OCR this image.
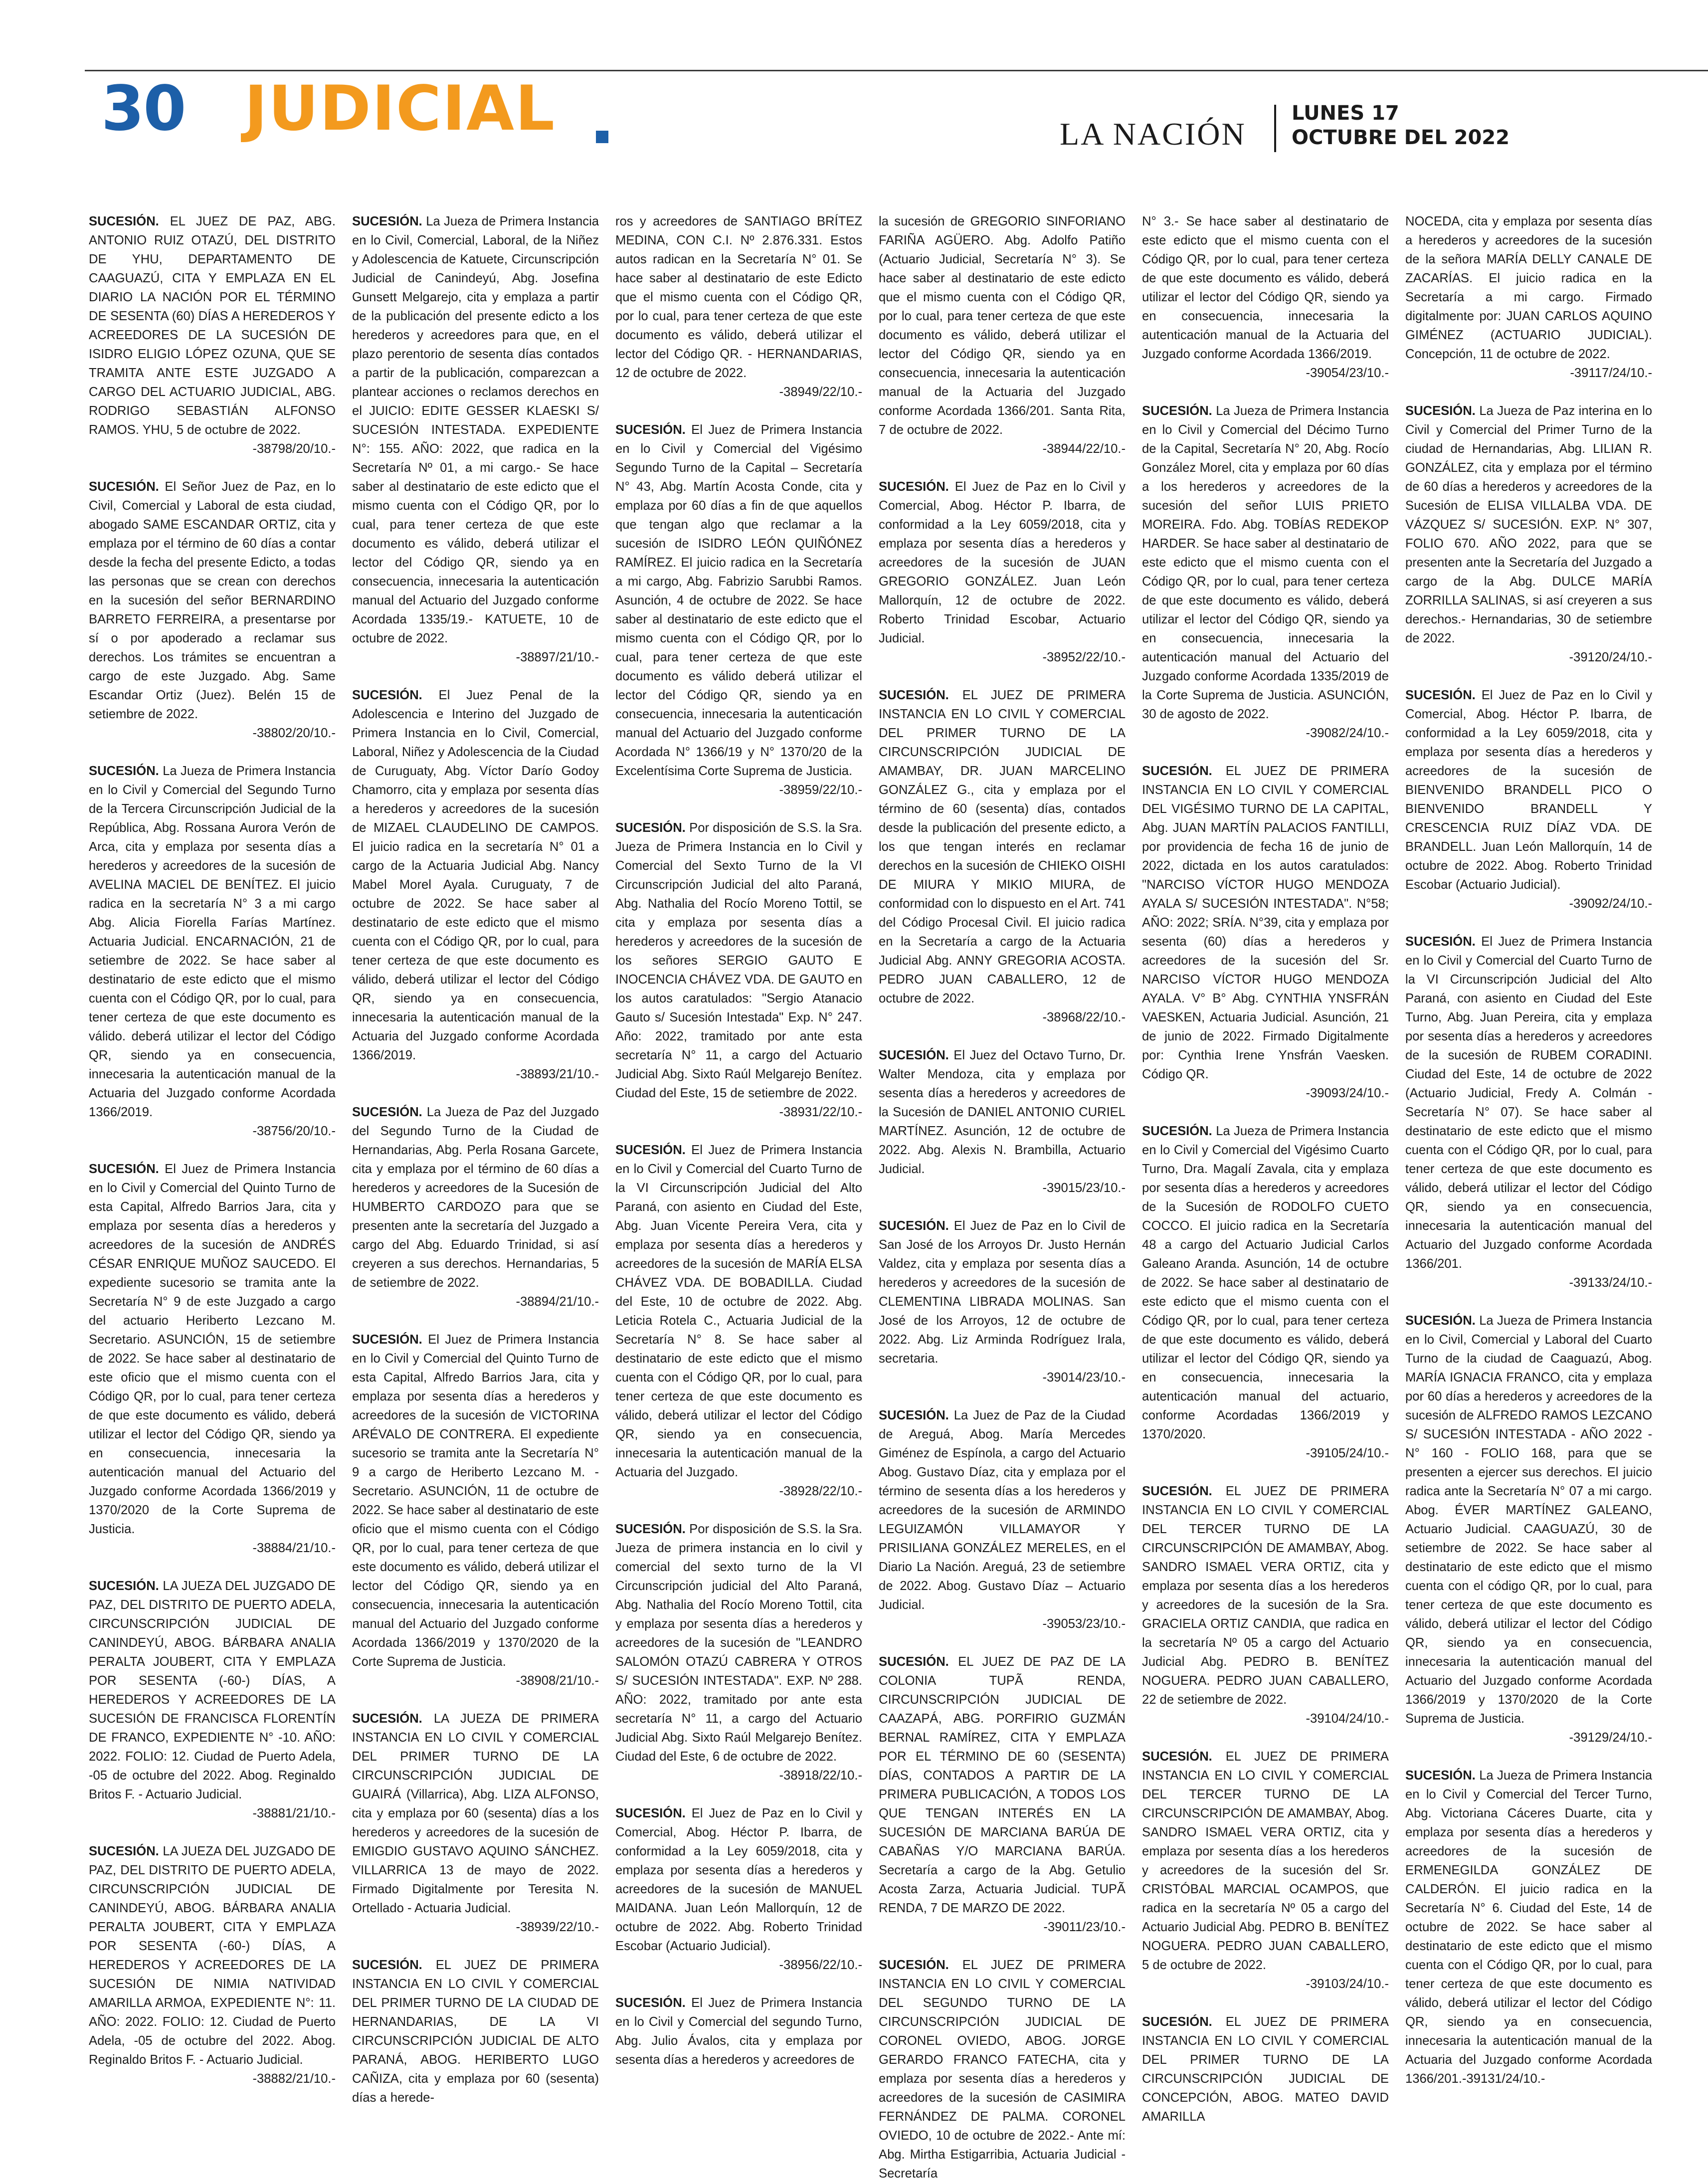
30 JUDICIAL	LA NACIÓN
LUNES 17
OCTUBRE DEL 2022
SUCESIÓN. EL JUEZ DE PAZ, ABG. ANTONIO RUIZ OTAZÚ, DEL DISTRITO DE YHU, DEPARTAMENTO DE CAAGUAZÚ, CITA Y EMPLAZA EN EL DIARIO LA NACIÓN POR EL TÉRMINO DE SESENTA (60) DÍAS A HEREDEROS Y ACREEDORES DE LA SUCESIÓN DE ISIDRO ELIGIO LÓPEZ OZUNA, QUE SE TRAMITA ANTE ESTE JUZGADO A CARGO DEL ACTUARIO JUDICIAL, ABG. RODRIGO SEBASTIÁN ALFONSO RAMOS. YHU, 5 de octubre de 2022.
-38798/20/10.-
SUCESIÓN. El Señor Juez de Paz, en lo Civil, Comercial y Laboral de esta ciudad, abogado SAME ESCANDAR ORTIZ, cita y emplaza por el término de 60 días a contar desde la fecha del presente Edicto, a todas las personas que se crean con derechos en la sucesión del señor BERNARDINO BARRETO FERREIRA, a presentarse por sí o por apoderado a reclamar sus derechos. Los trámites se encuentran a cargo de este Juzgado. Abg. Same Escandar Ortiz (Juez). Belén 15 de setiembre de 2022.
-38802/20/10.-
SUCESIÓN. La Jueza de Primera Instancia en lo Civil y Comercial del Segundo Turno de la Tercera Circunscripción Judicial de la República, Abg. Rossana Aurora Verón de Arca, cita y emplaza por sesenta días a herederos y acreedores de la sucesión de AVELINA MACIEL DE BENÍTEZ. El juicio radica en la secretaría N° 3 a mi cargo Abg. Alicia Fiorella Farías Martínez. Actuaria Judicial. ENCARNACIÓN, 21 de setiembre de 2022. Se hace saber al destinatario de este edicto que el mismo cuenta con el Código QR, por lo cual, para tener certeza de que este documento es válido. deberá utilizar el lector del Código QR, siendo ya en consecuencia, innecesaria la autenticación manual de la Actuaria del Juzgado conforme Acordada 1366/2019.
-38756/20/10.-
SUCESIÓN. El Juez de Primera Instancia en lo Civil y Comercial del Quinto Turno de esta Capital, Alfredo Barrios Jara, cita y emplaza por sesenta días a herederos y acreedores de la sucesión de ANDRÉS CÉSAR ENRIQUE MUÑOZ SAUCEDO. El expediente sucesorio se tramita ante la Secretaría N° 9 de este Juzgado a cargo del actuario Heriberto Lezcano M. Secretario. ASUNCIÓN, 15 de setiembre de 2022. Se hace saber al destinatario de este oficio que el mismo cuenta con el Código QR, por lo cual, para tener certeza de que este documento es válido, deberá utilizar el lector del Código QR, siendo ya en consecuencia, innecesaria la autenticación manual del Actuario del Juzgado conforme Acordada 1366/2019 y 1370/2020 de la Corte Suprema de Justicia.
-38884/21/10.-
SUCESIÓN. LA JUEZA DEL JUZGADO DE PAZ, DEL DISTRITO DE PUERTO ADELA, CIRCUNSCRIPCIÓN JUDICIAL DE CANINDEYÚ, ABOG. BÁRBARA ANALIA PERALTA JOUBERT, CITA Y EMPLAZA POR SESENTA (-60-) DÍAS, A HEREDEROS Y ACREEDORES DE LA SUCESIÓN DE FRANCISCA FLORENTÍN DE FRANCO, EXPEDIENTE N° -10. AÑO: 2022. FOLIO: 12. Ciudad de Puerto Adela, -05 de octubre del 2022. Abog. Reginaldo Britos F. - Actuario Judicial.
-38881/21/10.-
SUCESIÓN. LA JUEZA DEL JUZGADO DE PAZ, DEL DISTRITO DE PUERTO ADELA, CIRCUNSCRIPCIÓN JUDICIAL DE CANINDEYÚ, ABOG. BÁRBARA ANALIA PERALTA JOUBERT, CITA Y EMPLAZA POR SESENTA (-60-) DÍAS, A HEREDEROS Y ACREEDORES DE LA SUCESIÓN DE NIMIA NATIVIDAD AMARILLA ARMOA, EXPEDIENTE N°: 11. AÑO: 2022. FOLIO: 12. Ciudad de Puerto Adela, -05 de octubre del 2022. Abog. Reginaldo Britos F. - Actuario Judicial.
-38882/21/10.-
SUCESIÓN. La Jueza de Primera Instancia en lo Civil, Comercial, Laboral, de la Niñez y Adolescencia de Katuete, Circunscripción Judicial de Canindeyú, Abg. Josefina Gunsett Melgarejo, cita y emplaza a partir de la publicación del presente edicto a los herederos y acreedores para que, en el plazo perentorio de sesenta días contados a partir de la publicación, comparezcan a plantear acciones o reclamos derechos en el JUICIO: EDITE GESSER KLAESKI S/ SUCESIÓN INTESTADA. EXPEDIENTE N°: 155. AÑO: 2022, que radica en la Secretaría Nº 01, a mi cargo.- Se hace saber al destinatario de este edicto que el mismo cuenta con el Código QR, por lo cual, para tener certeza de que este documento es válido, deberá utilizar el lector del Código QR, siendo ya en consecuencia, innecesaria la autenticación manual del Actuario del Juzgado conforme Acordada 1335/19.- KATUETE, 10 de octubre de 2022.
-38897/21/10.-
SUCESIÓN. El Juez Penal de la Adolescencia e Interino del Juzgado de Primera Instancia en lo Civil, Comercial, Laboral, Niñez y Adolescencia de la Ciudad de Curuguaty, Abg. Víctor Darío Godoy Chamorro, cita y emplaza por sesenta días a herederos y acreedores de la sucesión de MIZAEL CLAUDELINO DE CAMPOS. El juicio radica en la secretaría N° 01 a cargo de la Actuaria Judicial Abg. Nancy Mabel Morel Ayala. Curuguaty, 7 de octubre de 2022. Se hace saber al destinatario de este edicto que el mismo cuenta con el Código QR, por lo cual, para tener certeza de que este documento es válido, deberá utilizar el lector del Código QR, siendo ya en consecuencia, innecesaria la autenticación manual de la Actuaria del Juzgado conforme Acordada 1366/2019.
-38893/21/10.-
SUCESIÓN. La Jueza de Paz del Juzgado del Segundo Turno de la Ciudad de Hernandarias, Abg. Perla Rosana Garcete, cita y emplaza por el término de 60 días a herederos y acreedores de la Sucesión de HUMBERTO CARDOZO para que se presenten ante la secretaría del Juzgado a cargo del Abg. Eduardo Trinidad, si así creyeren a sus derechos. Hernandarias, 5 de setiembre de 2022.
-38894/21/10.-
SUCESIÓN. El Juez de Primera Instancia en lo Civil y Comercial del Quinto Turno de esta Capital, Alfredo Barrios Jara, cita y emplaza por sesenta días a herederos y acreedores de la sucesión de VICTORINA ARÉVALO DE CONTRERA. El expediente sucesorio se tramita ante la Secretaría N° 9 a cargo de Heriberto Lezcano M. - Secretario. ASUNCIÓN, 11 de octubre de 2022. Se hace saber al destinatario de este oficio que el mismo cuenta con el Código QR, por lo cual, para tener certeza de que este documento es válido, deberá utilizar el lector del Código QR, siendo ya en consecuencia, innecesaria la autenticación manual del Actuario del Juzgado conforme Acordada 1366/2019 y 1370/2020 de la Corte Suprema de Justicia.
-38908/21/10.-
SUCESIÓN. LA JUEZA DE PRIMERA INSTANCIA EN LO CIVIL Y COMERCIAL DEL PRIMER TURNO DE LA CIRCUNSCRIPCIÓN JUDICIAL DE GUAIRÁ (Villarrica), Abg. LIZA ALFONSO, cita y emplaza por 60 (sesenta) días a los herederos y acreedores de la sucesión de EMIGDIO GUSTAVO AQUINO SÁNCHEZ. VILLARRICA 13 de mayo de 2022. Firmado Digitalmente por Teresita N. Ortellado - Actuaria Judicial.
-38939/22/10.-
SUCESIÓN. EL JUEZ DE PRIMERA INSTANCIA EN LO CIVIL Y COMERCIAL DEL PRIMER TURNO DE LA CIUDAD DE HERNANDARIAS, DE LA VI CIRCUNSCRIPCIÓN JUDICIAL DE ALTO PARANÁ, ABOG. HERIBERTO LUGO CAÑIZA, cita y emplaza por 60 (sesenta) días a herede-
ros y acreedores de SANTIAGO BRÍTEZ MEDINA, CON C.I. Nº 2.876.331. Estos autos radican en la Secretaría N° 01. Se hace saber al destinatario de este Edicto que el mismo cuenta con el Código QR, por lo cual, para tener certeza de que este documento es válido, deberá utilizar el lector del Código QR. - HERNANDARIAS, 12 de octubre de 2022.
-38949/22/10.-
SUCESIÓN. El Juez de Primera Instancia en lo Civil y Comercial del Vigésimo Segundo Turno de la Capital – Secretaría N° 43, Abg. Martín Acosta Conde, cita y emplaza por 60 días a fin de que aquellos que tengan algo que reclamar a la sucesión de ISIDRO LEÓN QUIÑÓNEZ RAMÍREZ. El juicio radica en la Secretaría a mi cargo, Abg. Fabrizio Sarubbi Ramos. Asunción, 4 de octubre de 2022. Se hace saber al destinatario de este edicto que el mismo cuenta con el Código QR, por lo cual, para tener certeza de que este documento es válido deberá utilizar el lector del Código QR, siendo ya en consecuencia, innecesaria la autenticación manual del Actuario del Juzgado conforme Acordada N° 1366/19 y N° 1370/20 de la Excelentísima Corte Suprema de Justicia.
-38959/22/10.-
SUCESIÓN. Por disposición de S.S. la Sra. Jueza de Primera Instancia en lo Civil y Comercial del Sexto Turno de la VI Circunscripción Judicial del alto Paraná, Abg. Nathalia del Rocío Moreno Tottil, se cita y emplaza por sesenta días a herederos y acreedores de la sucesión de los señores SERGIO GAUTO E INOCENCIA CHÁVEZ VDA. DE GAUTO en los autos caratulados: "Sergio Atanacio Gauto s/ Sucesión Intestada" Exp. N° 247. Año: 2022, tramitado por ante esta secretaría N° 11, a cargo del Actuario Judicial Abg. Sixto Raúl Melgarejo Benítez. Ciudad del Este, 15 de setiembre de 2022.
-38931/22/10.-
SUCESIÓN. El Juez de Primera Instancia en lo Civil y Comercial del Cuarto Turno de la VI Circunscripción Judicial del Alto Paraná, con asiento en Ciudad del Este, Abg. Juan Vicente Pereira Vera, cita y emplaza por sesenta días a herederos y acreedores de la sucesión de MARÍA ELSA CHÁVEZ VDA. DE BOBADILLA. Ciudad del Este, 10 de octubre de 2022. Abg. Leticia Rotela C., Actuaria Judicial de la Secretaría N° 8. Se hace saber al destinatario de este edicto que el mismo cuenta con el Código QR, por lo cual, para tener certeza de que este documento es válido, deberá utilizar el lector del Código QR, siendo ya en consecuencia, innecesaria la autenticación manual de la Actuaria del Juzgado.
-38928/22/10.-
SUCESIÓN. Por disposición de S.S. la Sra. Jueza de primera instancia en lo civil y comercial del sexto turno de la VI Circunscripción judicial del Alto Paraná, Abg. Nathalia del Rocío Moreno Tottil, cita y emplaza por sesenta días a herederos y acreedores de la sucesión de "LEANDRO SALOMÓN OTAZÚ CABRERA Y OTROS S/ SUCESIÓN INTESTADA". EXP. Nº 288. AÑO: 2022, tramitado por ante esta secretaría N° 11, a cargo del Actuario Judicial Abg. Sixto Raúl Melgarejo Benítez. Ciudad del Este, 6 de octubre de 2022.
-38918/22/10.-
SUCESIÓN. El Juez de Paz en lo Civil y Comercial, Abog. Héctor P. Ibarra, de conformidad a la Ley 6059/2018, cita y emplaza por sesenta días a herederos y acreedores de la sucesión de MANUEL MAIDANA. Juan León Mallorquín, 12 de octubre de 2022. Abg. Roberto Trinidad Escobar (Actuario Judicial).
-38956/22/10.-
SUCESIÓN. El Juez de Primera Instancia en lo Civil y Comercial del segundo Turno, Abg. Julio Ávalos, cita y emplaza por sesenta días a herederos y acreedores de
la sucesión de GREGORIO SINFORIANO FARIÑA AGÜERO. Abg. Adolfo Patiño (Actuario Judicial, Secretaría N° 3). Se hace saber al destinatario de este edicto que el mismo cuenta con el Código QR, por lo cual, para tener certeza de que este documento es válido, deberá utilizar el lector del Código QR, siendo ya en consecuencia, innecesaria la autenticación manual de la Actuaria del Juzgado conforme Acordada 1366/201. Santa Rita, 7 de octubre de 2022.
-38944/22/10.-
SUCESIÓN. El Juez de Paz en lo Civil y Comercial, Abog. Héctor P. Ibarra, de conformidad a la Ley 6059/2018, cita y emplaza por sesenta días a herederos y acreedores de la sucesión de JUAN GREGORIO GONZÁLEZ. Juan León Mallorquín, 12 de octubre de 2022. Roberto Trinidad Escobar, Actuario Judicial.
-38952/22/10.-
SUCESIÓN. EL JUEZ DE PRIMERA INSTANCIA EN LO CIVIL Y COMERCIAL DEL PRIMER TURNO DE LA CIRCUNSCRIPCIÓN JUDICIAL DE AMAMBAY, DR. JUAN MARCELINO GONZÁLEZ G., cita y emplaza por el término de 60 (sesenta) días, contados desde la publicación del presente edicto, a los que tengan interés en reclamar derechos en la sucesión de CHIEKO OISHI DE MIURA Y MIKIO MIURA, de conformidad con lo dispuesto en el Art. 741 del Código Procesal Civil. El juicio radica en la Secretaría a cargo de la Actuaria Judicial Abg. ANNY GREGORIA ACOSTA. PEDRO JUAN CABALLERO, 12 de octubre de 2022.
-38968/22/10.-
SUCESIÓN. El Juez del Octavo Turno, Dr. Walter Mendoza, cita y emplaza por sesenta días a herederos y acreedores de la Sucesión de DANIEL ANTONIO CURIEL MARTÍNEZ. Asunción, 12 de octubre de 2022. Abg. Alexis N. Brambilla, Actuario Judicial.
-39015/23/10.-
SUCESIÓN. El Juez de Paz en lo Civil de San José de los Arroyos Dr. Justo Hernán Valdez, cita y emplaza por sesenta días a herederos y acreedores de la sucesión de CLEMENTINA LIBRADA MOLINAS. San José de los Arroyos, 12 de octubre de 2022. Abg. Liz Arminda Rodríguez Irala, secretaria.
-39014/23/10.-
SUCESIÓN. La Juez de Paz de la Ciudad de Areguá, Abog. María Mercedes Giménez de Espínola, a cargo del Actuario Abog. Gustavo Díaz, cita y emplaza por el término de sesenta días a los herederos y acreedores de la sucesión de ARMINDO LEGUIZAMÓN VILLAMAYOR Y PRISILIANA GONZÁLEZ MERELES, en el Diario La Nación. Areguá, 23 de setiembre de 2022. Abog. Gustavo Díaz – Actuario Judicial.
-39053/23/10.-
SUCESIÓN. EL JUEZ DE PAZ DE LA COLONIA TUPÃ RENDA, CIRCUNSCRIPCIÓN JUDICIAL DE CAAZAPÁ, ABG. PORFIRIO GUZMÁN BERNAL RAMÍREZ, CITA Y EMPLAZA POR EL TÉRMINO DE 60 (SESENTA) DÍAS, CONTADOS A PARTIR DE LA PRIMERA PUBLICACIÓN, A TODOS LOS QUE TENGAN INTERÉS EN LA SUCESIÓN DE MARCIANA BARÚA DE CABAÑAS Y/O MARCIANA BARÚA. Secretaría a cargo de la Abg. Getulio Acosta Zarza, Actuaria Judicial. TUPÃ RENDA, 7 DE MARZO DE 2022.
-39011/23/10.-
SUCESIÓN. EL JUEZ DE PRIMERA INSTANCIA EN LO CIVIL Y COMERCIAL DEL SEGUNDO TURNO DE LA CIRCUNSCRIPCIÓN JUDICIAL DE CORONEL OVIEDO, ABOG. JORGE GERARDO FRANCO FATECHA, cita y emplaza por sesenta días a herederos y acreedores de la sucesión de CASIMIRA FERNÁNDEZ DE PALMA. CORONEL OVIEDO, 10 de octubre de 2022.- Ante mí: Abg. Mirtha Estigarribia, Actuaria Judicial - Secretaría
N° 3.- Se hace saber al destinatario de este edicto que el mismo cuenta con el Código QR, por lo cual, para tener certeza de que este documento es válido, deberá utilizar el lector del Código QR, siendo ya en consecuencia, innecesaria la autenticación manual de la Actuaria del Juzgado conforme Acordada 1366/2019.
-39054/23/10.-
SUCESIÓN. La Jueza de Primera Instancia en lo Civil y Comercial del Décimo Turno de la Capital, Secretaría N° 20, Abg. Rocío González Morel, cita y emplaza por 60 días a los herederos y acreedores de la sucesión del señor LUIS PRIETO MOREIRA. Fdo. Abg. TOBÍAS REDEKOP HARDER. Se hace saber al destinatario de este edicto que el mismo cuenta con el Código QR, por lo cual, para tener certeza de que este documento es válido, deberá utilizar el lector del Código QR, siendo ya en consecuencia, innecesaria la autenticación manual del Actuario del Juzgado conforme Acordada 1335/2019 de la Corte Suprema de Justicia. ASUNCIÓN, 30 de agosto de 2022.
-39082/24/10.-
SUCESIÓN. EL JUEZ DE PRIMERA INSTANCIA EN LO CIVIL Y COMERCIAL DEL VIGÉSIMO TURNO DE LA CAPITAL, Abg. JUAN MARTÍN PALACIOS FANTILLI, por providencia de fecha 16 de junio de 2022, dictada en los autos caratulados: "NARCISO VÍCTOR HUGO MENDOZA AYALA S/ SUCESIÓN INTESTADA". N°58; AÑO: 2022; SRÍA. N°39, cita y emplaza por sesenta (60) días a herederos y acreedores de la sucesión del Sr. NARCISO VÍCTOR HUGO MENDOZA AYALA. V° B° Abg. CYNTHIA YNSFRÁN VAESKEN, Actuaria Judicial. Asunción, 21 de junio de 2022. Firmado Digitalmente por: Cynthia Irene Ynsfrán Vaesken. Código QR.
-39093/24/10.-
SUCESIÓN. La Jueza de Primera Instancia en lo Civil y Comercial del Vigésimo Cuarto Turno, Dra. Magalí Zavala, cita y emplaza por sesenta días a herederos y acreedores de la Sucesión de RODOLFO CUETO COCCO. El juicio radica en la Secretaría 48 a cargo del Actuario Judicial Carlos Galeano Aranda. Asunción, 14 de octubre de 2022. Se hace saber al destinatario de este edicto que el mismo cuenta con el Código QR, por lo cual, para tener certeza de que este documento es válido, deberá utilizar el lector del Código QR, siendo ya en consecuencia, innecesaria la autenticación manual del actuario, conforme Acordadas 1366/2019 y 1370/2020.
-39105/24/10.-
SUCESIÓN. EL JUEZ DE PRIMERA INSTANCIA EN LO CIVIL Y COMERCIAL DEL TERCER TURNO DE LA CIRCUNSCRIPCIÓN DE AMAMBAY, Abog. SANDRO ISMAEL VERA ORTIZ, cita y emplaza por sesenta días a los herederos y acreedores de la sucesión de la Sra. GRACIELA ORTIZ CANDIA, que radica en la secretaría Nº 05 a cargo del Actuario Judicial Abg. PEDRO B. BENÍTEZ NOGUERA. PEDRO JUAN CABALLERO, 22 de setiembre de 2022.
-39104/24/10.-
SUCESIÓN. EL JUEZ DE PRIMERA INSTANCIA EN LO CIVIL Y COMERCIAL DEL TERCER TURNO DE LA CIRCUNSCRIPCIÓN DE AMAMBAY, Abog. SANDRO ISMAEL VERA ORTIZ, cita y emplaza por sesenta días a los herederos y acreedores de la sucesión del Sr. CRISTÓBAL MARCIAL OCAMPOS, que radica en la secretaría Nº 05 a cargo del Actuario Judicial Abg. PEDRO B. BENÍTEZ NOGUERA. PEDRO JUAN CABALLERO, 5 de octubre de 2022.
-39103/24/10.-
SUCESIÓN. EL JUEZ DE PRIMERA INSTANCIA EN LO CIVIL Y COMERCIAL DEL PRIMER TURNO DE LA CIRCUNSCRIPCIÓN JUDICIAL DE CONCEPCIÓN, ABOG. MATEO DAVID AMARILLA
NOCEDA, cita y emplaza por sesenta días a herederos y acreedores de la sucesión de la señora MARÍA DELLY CANALE DE ZACARÍAS. El juicio radica en la Secretaría a mi cargo. Firmado digitalmente por: JUAN CARLOS AQUINO GIMÉNEZ (ACTUARIO JUDICIAL). Concepción, 11 de octubre de 2022.
-39117/24/10.-
SUCESIÓN. La Jueza de Paz interina en lo Civil y Comercial del Primer Turno de la ciudad de Hernandarias, Abg. LILIAN R. GONZÁLEZ, cita y emplaza por el término de 60 días a herederos y acreedores de la Sucesión de ELISA VILLALBA VDA. DE VÁZQUEZ S/ SUCESIÓN. EXP. N° 307, FOLIO 670. AÑO 2022, para que se presenten ante la Secretaría del Juzgado a cargo de la Abg. DULCE MARÍA ZORRILLA SALINAS, si así creyeren a sus derechos.- Hernandarias, 30 de setiembre de 2022.
-39120/24/10.-
SUCESIÓN. El Juez de Paz en lo Civil y Comercial, Abog. Héctor P. Ibarra, de conformidad a la Ley 6059/2018, cita y emplaza por sesenta días a herederos y acreedores de la sucesión de BIENVENIDO BRANDELL PICO O BIENVENIDO BRANDELL Y CRESCENCIA RUIZ DÍAZ VDA. DE BRANDELL. Juan León Mallorquín, 14 de octubre de 2022. Abog. Roberto Trinidad Escobar (Actuario Judicial).
-39092/24/10.-
SUCESIÓN. El Juez de Primera Instancia en lo Civil y Comercial del Cuarto Turno de la VI Circunscripción Judicial del Alto Paraná, con asiento en Ciudad del Este Turno, Abg. Juan Pereira, cita y emplaza por sesenta días a herederos y acreedores de la sucesión de RUBEM CORADINI. Ciudad del Este, 14 de octubre de 2022 (Actuario Judicial, Fredy A. Colmán - Secretaría N° 07). Se hace saber al destinatario de este edicto que el mismo cuenta con el Código QR, por lo cual, para tener certeza de que este documento es válido, deberá utilizar el lector del Código QR, siendo ya en consecuencia, innecesaria la autenticación manual del Actuario del Juzgado conforme Acordada 1366/201.
-39133/24/10.-
SUCESIÓN. La Jueza de Primera Instancia en lo Civil, Comercial y Laboral del Cuarto Turno de la ciudad de Caaguazú, Abog. MARÍA IGNACIA FRANCO, cita y emplaza por 60 días a herederos y acreedores de la sucesión de ALFREDO RAMOS LEZCANO S/ SUCESIÓN INTESTADA - AÑO 2022 - N° 160 - FOLIO 168, para que se presenten a ejercer sus derechos. El juicio radica ante la Secretaría N° 07 a mi cargo. Abog. ÉVER MARTÍNEZ GALEANO, Actuario Judicial. CAAGUAZÚ, 30 de setiembre de 2022. Se hace saber al destinatario de este edicto que el mismo cuenta con el código QR, por lo cual, para tener certeza de que este documento es válido, deberá utilizar el lector del Código QR, siendo ya en consecuencia, innecesaria la autenticación manual del Actuario del Juzgado conforme Acordada 1366/2019 y 1370/2020 de la Corte Suprema de Justicia.
-39129/24/10.-
SUCESIÓN. La Jueza de Primera Instancia en lo Civil y Comercial del Tercer Turno, Abg. Victoriana Cáceres Duarte, cita y emplaza por sesenta días a herederos y acreedores de la sucesión de ERMENEGILDA GONZÁLEZ DE CALDERÓN. El juicio radica en la Secretaría N° 6. Ciudad del Este, 14 de octubre de 2022. Se hace saber al destinatario de este edicto que el mismo cuenta con el Código QR, por lo cual, para tener certeza de que este documento es válido, deberá utilizar el lector del Código QR, siendo ya en consecuencia, innecesaria la autenticación manual de la Actuaria del Juzgado conforme Acordada 1366/201.-39131/24/10.-
